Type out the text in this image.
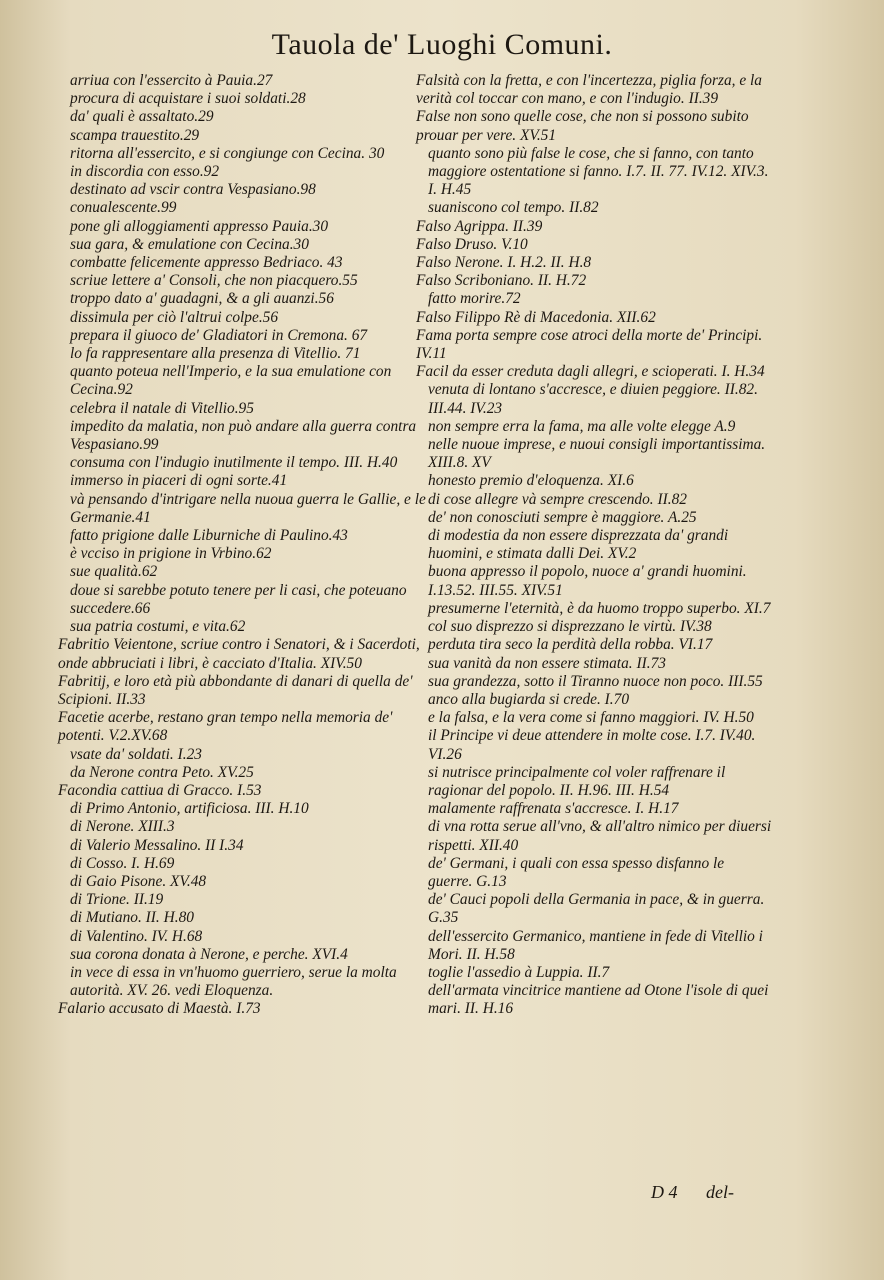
Tauola de' Luoghi Comuni.

arriua con l'essercito à Pauia.27

procura di acquistare i suoi soldati.28

da' quali è assaltato.29

scampa trauestito.29

ritorna all'essercito, e si congiunge con Cecina. 30

in discordia con esso.92

destinato ad vscir contra Vespasiano.98

conualescente.99

pone gli alloggiamenti appresso Pauia.30

sua gara, & emulatione con Cecina.30

combatte felicemente appresso Bedriaco. 43

scriue lettere a' Consoli, che non piacquero.55

troppo dato a' guadagni, & a gli auanzi.56

dissimula per ciò l'altrui colpe.56

prepara il giuoco de' Gladiatori in Cremona. 67

lo fa rappresentare alla presenza di Vitellio. 71

quanto poteua nell'Imperio, e la sua emulatione con Cecina.92

celebra il natale di Vitellio.95

impedito da malatia, non può andare alla guerra contra Vespasiano.99

consuma con l'indugio inutilmente il tempo. III. H.40

immerso in piaceri di ogni sorte.41

và pensando d'intrigare nella nuoua guerra le Gallie, e le Germanie.41

fatto prigione dalle Liburniche di Paulino.43

è vcciso in prigione in Vrbino.62

sue qualità.62

doue si sarebbe potuto tenere per li casi, che poteuano succedere.66

sua patria costumi, e vita.62

Fabritio Veientone, scriue contro i Senatori, & i Sacerdoti, onde abbruciati i libri, è cacciato d'Italia. XIV.50

Fabritij, e loro età più abbondante di danari di quella de' Scipioni. II.33

Facetie acerbe, restano gran tempo nella memoria de' potenti. V.2.XV.68

vsate da' soldati. I.23

da Nerone contra Peto. XV.25

Facondia cattiua di Gracco. I.53

di Primo Antonio, artificiosa. III. H.10

di Nerone. XIII.3

di Valerio Messalino. II I.34

di Cosso. I. H.69

di Gaio Pisone. XV.48

di Trione. II.19

di Mutiano. II. H.80

di Valentino. IV. H.68

sua corona donata à Nerone, e perche. XVI.4

in vece di essa in vn'huomo guerriero, serue la molta autorità. XV. 26. vedi Eloquenza.

Falario accusato di Maestà. I.73

Falsità con la fretta, e con l'incertezza, piglia forza, e la verità col toccar con mano, e con l'indugio. II.39

False non sono quelle cose, che non si possono subito prouar per vere. XV.51

quanto sono più false le cose, che si fanno, con tanto maggiore ostentatione si fanno. I.7. II. 77. IV.12. XIV.3. I. H.45

suaniscono col tempo. II.82

Falso Agrippa. II.39

Falso Druso. V.10

Falso Nerone. I. H.2. II. H.8

Falso Scriboniano. II. H.72

fatto morire.72

Falso Filippo Rè di Macedonia. XII.62

Fama porta sempre cose atroci della morte de' Principi. IV.11

Facil da esser creduta dagli allegri, e scioperati. I. H.34

venuta di lontano s'accresce, e diuien peggiore. II.82. III.44. IV.23

non sempre erra la fama, ma alle volte elegge A.9

nelle nuoue imprese, e nuoui consigli importantissima. XIII.8. XV

honesto premio d'eloquenza. XI.6

di cose allegre và sempre crescendo. II.82

de' non conosciuti sempre è maggiore. A.25

di modestia da non essere disprezzata da' grandi huomini, e stimata dalli Dei. XV.2

buona appresso il popolo, nuoce a' grandi huomini. I.13.52. III.55. XIV.51

presumerne l'eternità, è da huomo troppo superbo. XI.7

col suo disprezzo si disprezzano le virtù. IV.38

perduta tira seco la perdità della robba. VI.17

sua vanità da non essere stimata. II.73

sua grandezza, sotto il Tiranno nuoce non poco. III.55

anco alla bugiarda si crede. I.70

e la falsa, e la vera come si fanno maggiori. IV. H.50

il Principe vi deue attendere in molte cose. I.7. IV.40. VI.26

si nutrisce principalmente col voler raffrenare il ragionar del popolo. II. H.96. III. H.54

malamente raffrenata s'accresce. I. H.17

di vna rotta serue all'vno, & all'altro nimico per diuersi rispetti. XII.40

de' Germani, i quali con essa spesso disfanno le guerre. G.13

de' Cauci popoli della Germania in pace, & in guerra. G.35

dell'essercito Germanico, mantiene in fede di Vitellio i Mori. II. H.58

toglie l'assedio à Luppia. II.7

dell'armata vincitrice mantiene ad Otone l'isole di quei mari. II. H.16

D 4 del-
